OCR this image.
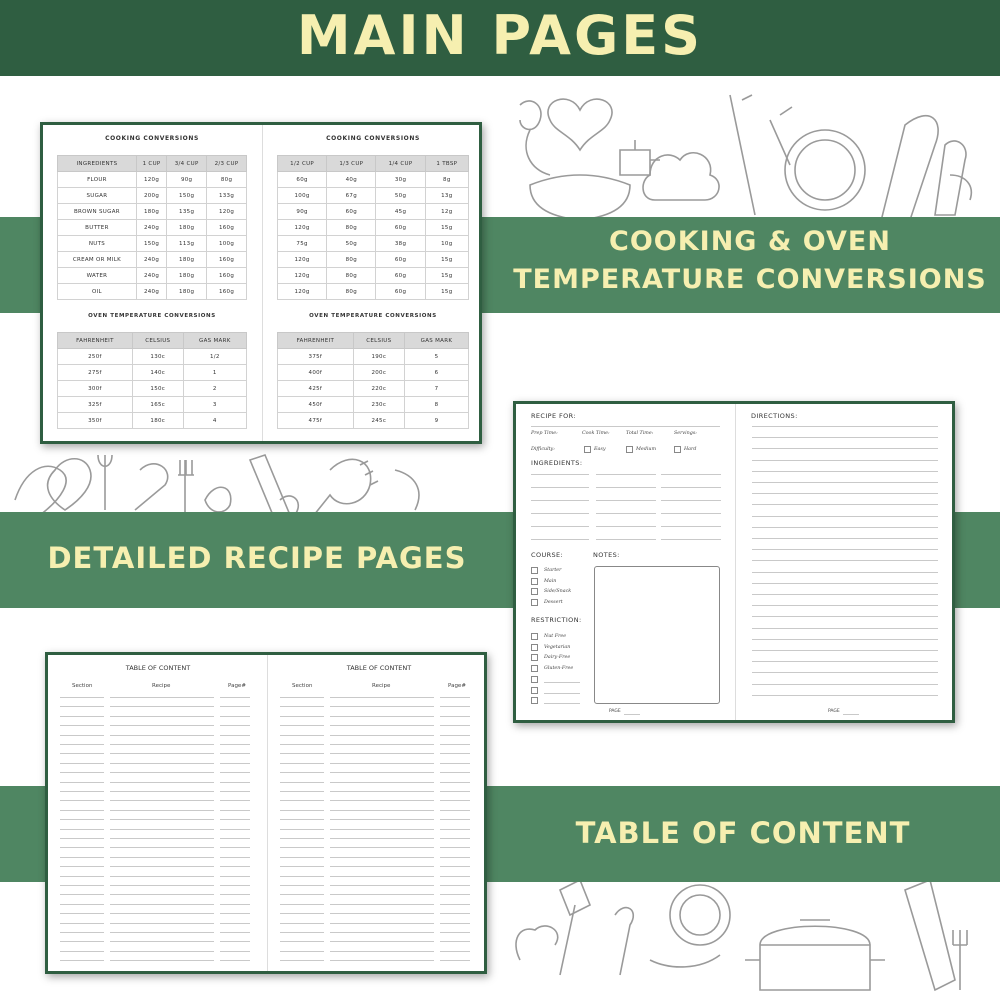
MAIN PAGES
COOKING & OVEN
TEMPERATURE CONVERSIONS
DETAILED RECIPE PAGES
TABLE OF CONTENT
COOKING CONVERSIONS
INGREDIENTS	1 CUP	3/4 CUP	2/3 CUP
FLOUR	120g	90g	80g
SUGAR	200g	150g	133g
BROWN SUGAR	180g	135g	120g
BUTTER	240g	180g	160g
NUTS	150g	113g	100g
CREAM OR MILK	240g	180g	160g
WATER	240g	180g	160g
OIL	240g	180g	160g
COOKING CONVERSIONS
1/2 CUP	1/3 CUP	1/4 CUP	1 TBSP
60g	40g	30g	8g
100g	67g	50g	13g
90g	60g	45g	12g
120g	80g	60g	15g
75g	50g	38g	10g
120g	80g	60g	15g
120g	80g	60g	15g
120g	80g	60g	15g
OVEN TEMPERATURE CONVERSIONS
FAHRENHEIT	CELSIUS	GAS MARK
250f	130c	1/2
275f	140c	1
300f	150c	2
325f	165c	3
350f	180c	4
OVEN TEMPERATURE CONVERSIONS
FAHRENHEIT	CELSIUS	GAS MARK
375f	190c	5
400f	200c	6
425f	220c	7
450f	230c	8
475f	245c	9
RECIPE FOR:
Prep Time:	Cook Time:	Total Time:	Servings:
Difficulty:	Easy	Medium	Hard
INGREDIENTS:
COURSE:	NOTES:
Starter
Main
Side/Snack
Dessert
RESTRICTION:
Nut Free
Vegetarian
Dairy-Free
Gluten-Free
PAGE
DIRECTIONS:
PAGE
TABLE OF CONTENT
Section	Recipe	Page#
TABLE OF CONTENT
Section	Recipe	Page#
